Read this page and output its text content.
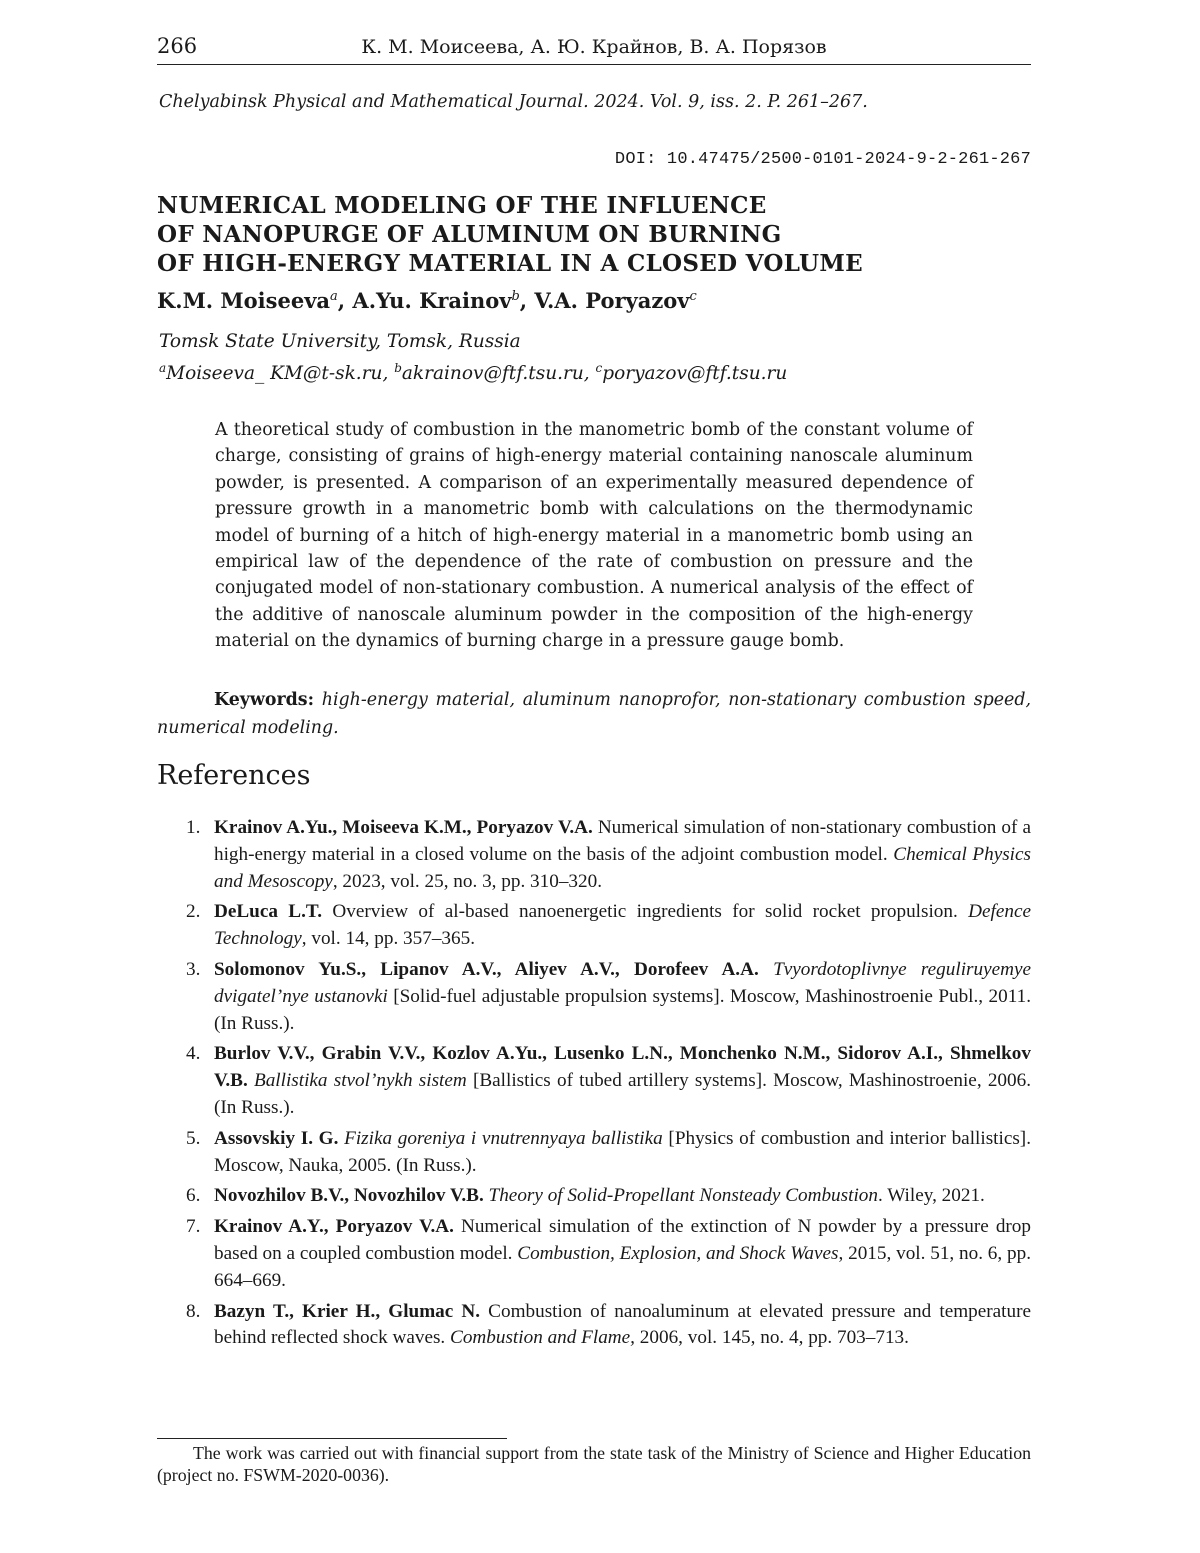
266	К. М. Моисеева, А. Ю. Крайнов, В. А. Порязов
Chelyabinsk Physical and Mathematical Journal. 2024. Vol. 9, iss. 2. P. 261–267.
DOI: 10.47475/2500-0101-2024-9-2-261-267
NUMERICAL MODELING OF THE INFLUENCE
OF NANOPURGE OF ALUMINUM ON BURNING
OF HIGH-ENERGY MATERIAL IN A CLOSED VOLUME
K.M. Moiseeva$^a$, A.Yu. Krainov$^b$, V.A. Poryazov$^c$
Tomsk State University, Tomsk, Russia
$^a$Moiseeva_ KM@t-sk.ru, $^b$akrainov@ftf.tsu.ru, $^c$poryazov@ftf.tsu.ru
A theoretical study of combustion in the manometric bomb of the constant volume of charge, consisting of grains of high-energy material containing nanoscale aluminum powder, is presented. A comparison of an experimentally measured dependence of pressure growth in a manometric bomb with calculations on the thermodynamic model of burning of a hitch of high-energy material in a manometric bomb using an empirical law of the dependence of the rate of combustion on pressure and the conjugated model of non-stationary combustion. A numerical analysis of the effect of the additive of nanoscale aluminum powder in the composition of the high-energy material on the dynamics of burning charge in a pressure gauge bomb.
Keywords: high-energy material, aluminum nanoprofor, non-stationary combustion speed, numerical modeling.
References
1. Krainov A.Yu., Moiseeva K.M., Poryazov V.A. Numerical simulation of non-stationary combustion of a high-energy material in a closed volume on the basis of the adjoint combustion model. Chemical Physics and Mesoscopy, 2023, vol. 25, no. 3, pp. 310–320.
2. DeLuca L.T. Overview of al-based nanoenergetic ingredients for solid rocket propulsion. Defence Technology, vol. 14, pp. 357–365.
3. Solomonov Yu.S., Lipanov A.V., Aliyev A.V., Dorofeev A.A. Tvyordotoplivnye reguliruyemye dvigatel’nye ustanovki [Solid-fuel adjustable propulsion systems]. Moscow, Mashinostroenie Publ., 2011. (In Russ.).
4. Burlov V.V., Grabin V.V., Kozlov A.Yu., Lusenko L.N., Monchenko N.M., Sidorov A.I., Shmelkov V.B. Ballistika stvol’nykh sistem [Ballistics of tubed artillery systems]. Moscow, Mashinostroenie, 2006. (In Russ.).
5. Assovskiy I. G. Fizika goreniya i vnutrennyaya ballistika [Physics of combustion and interior ballistics]. Moscow, Nauka, 2005. (In Russ.).
6. Novozhilov B.V., Novozhilov V.B. Theory of Solid-Propellant Nonsteady Combustion. Wiley, 2021.
7. Krainov A.Y., Poryazov V.A. Numerical simulation of the extinction of N powder by a pressure drop based on a coupled combustion model. Combustion, Explosion, and Shock Waves, 2015, vol. 51, no. 6, pp. 664–669.
8. Bazyn T., Krier H., Glumac N. Combustion of nanoaluminum at elevated pressure and temperature behind reflected shock waves. Combustion and Flame, 2006, vol. 145, no. 4, pp. 703–713.
The work was carried out with financial support from the state task of the Ministry of Science and Higher Education (project no. FSWM-2020-0036).
